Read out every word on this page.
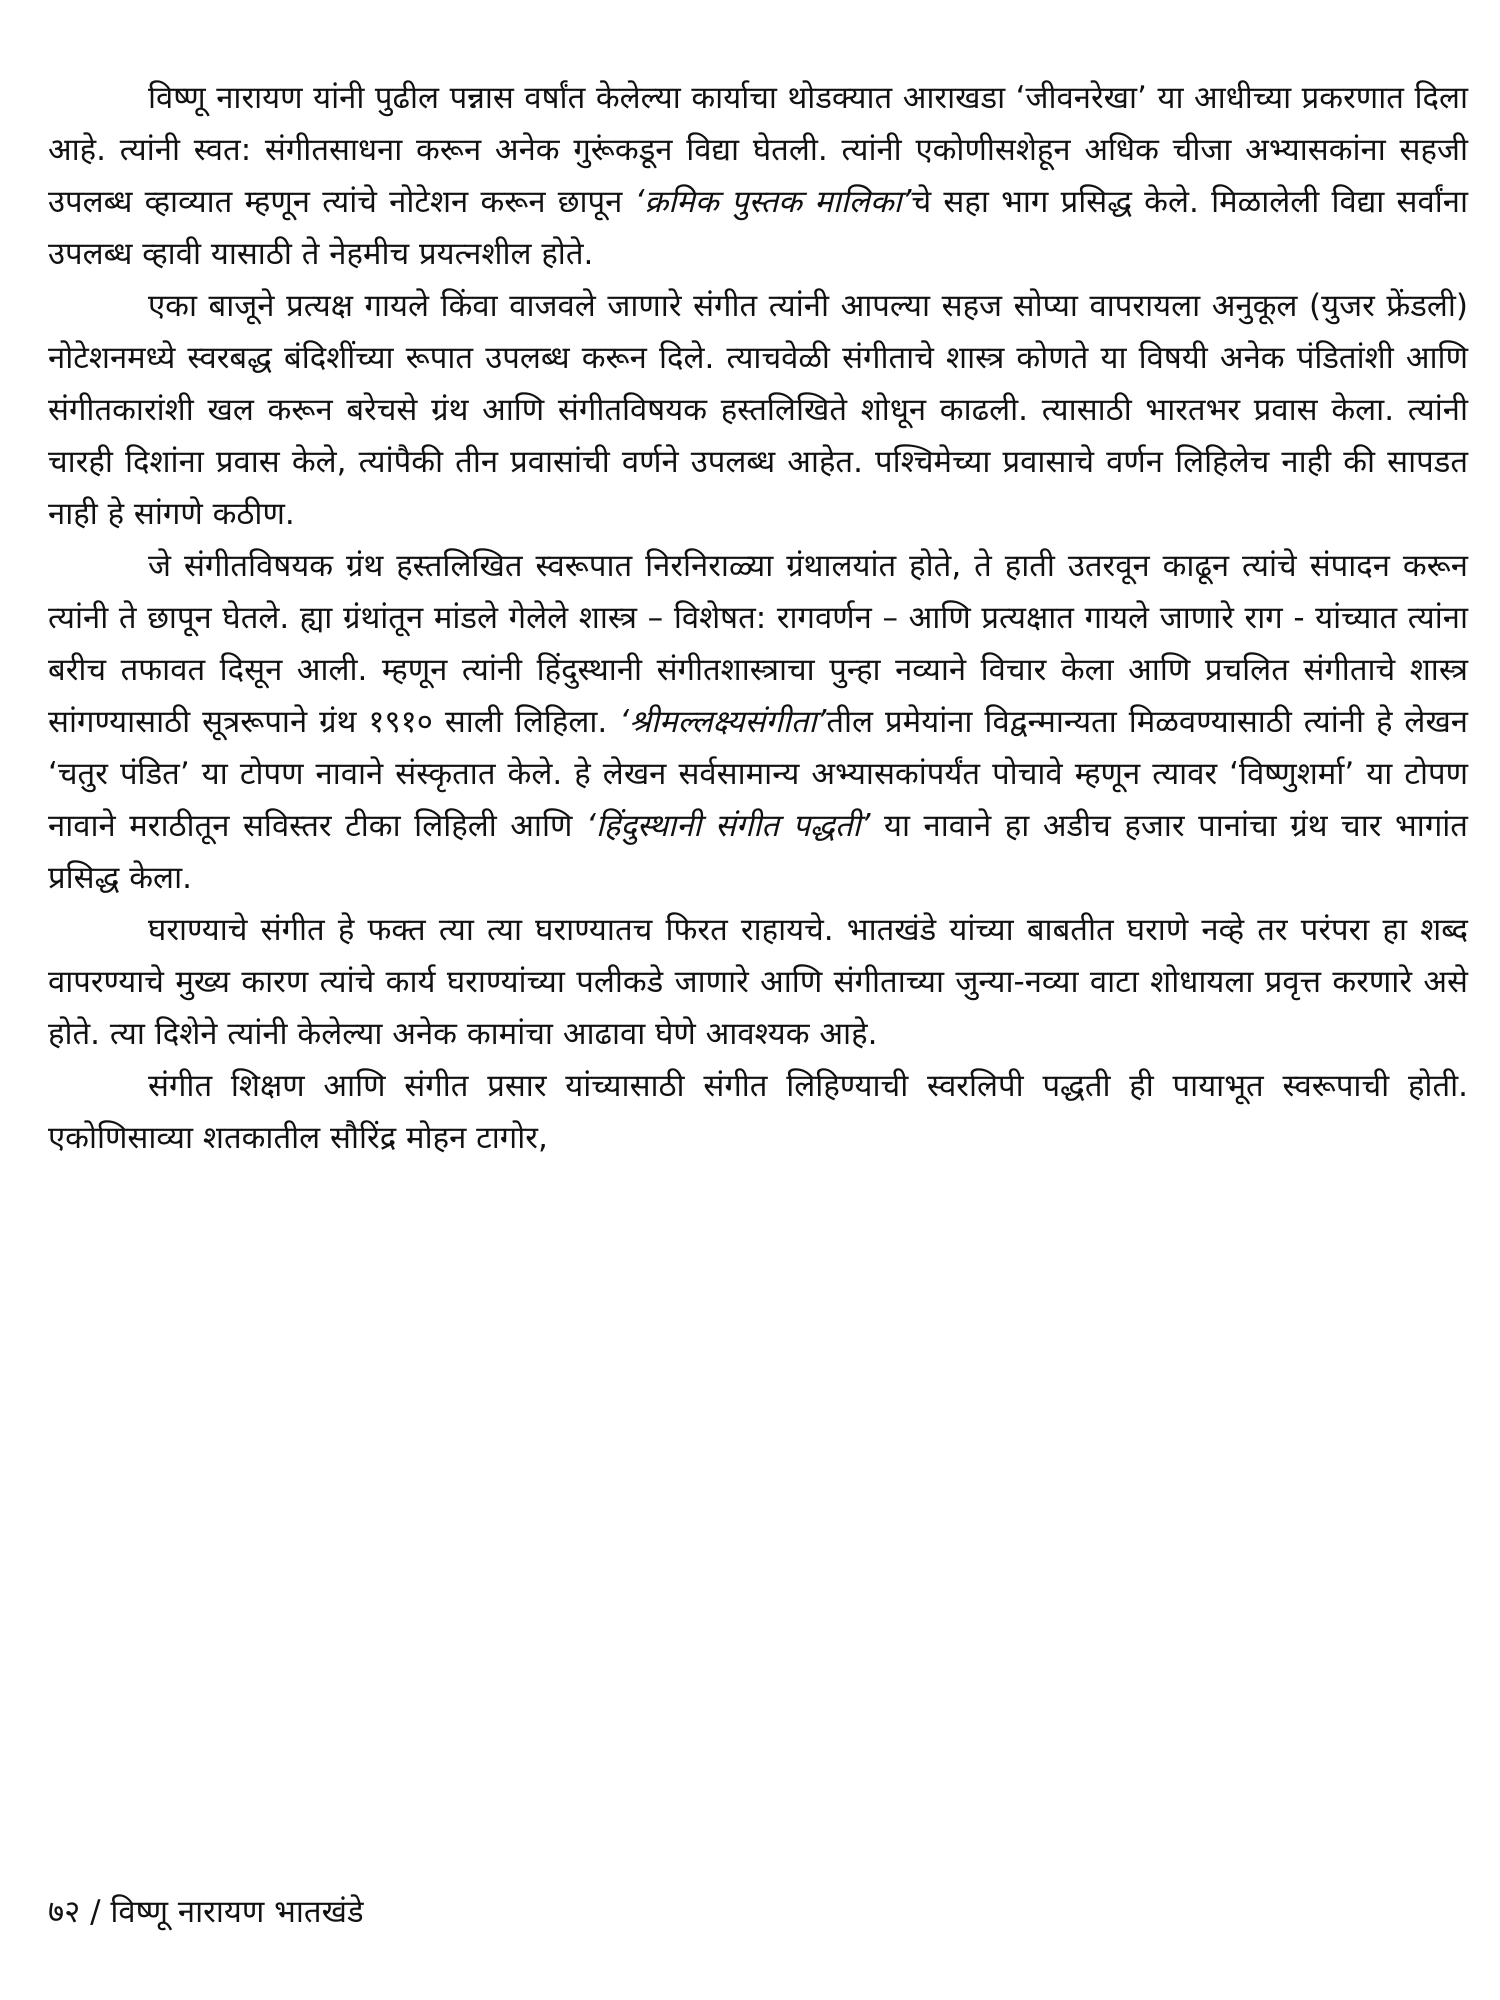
विष्णू नारायण यांनी पुढील पन्नास वर्षांत केलेल्या कार्याचा थोडक्यात आराखडा ‘जीवनरेखा’ या आधीच्या प्रकरणात दिला आहे. त्यांनी स्वत: संगीतसाधना करून अनेक गुरूंकडून विद्या घेतली. त्यांनी एकोणीसशेहून अधिक चीजा अभ्यासकांना सहजी उपलब्ध व्हाव्यात म्हणून त्यांचे नोटेशन करून छापून ‘क्रमिक पुस्तक मालिका’चे सहा भाग प्रसिद्ध केले. मिळालेली विद्या सर्वांना उपलब्ध व्हावी यासाठी ते नेहमीच प्रयत्नशील होते.

एका बाजूने प्रत्यक्ष गायले किंवा वाजवले जाणारे संगीत त्यांनी आपल्या सहज सोप्या वापरायला अनुकूल (युजर फ्रेंडली) नोटेशनमध्ये स्वरबद्ध बंदिशींच्या रूपात उपलब्ध करून दिले. त्याचवेळी संगीताचे शास्त्र कोणते या विषयी अनेक पंडितांशी आणि संगीतकारांशी खल करून बरेचसे ग्रंथ आणि संगीतविषयक हस्तलिखिते शोधून काढली. त्यासाठी भारतभर प्रवास केला. त्यांनी चारही दिशांना प्रवास केले, त्यांपैकी तीन प्रवासांची वर्णने उपलब्ध आहेत. पश्चिमेच्या प्रवासाचे वर्णन लिहिलेच नाही की सापडत नाही हे सांगणे कठीण.

जे संगीतविषयक ग्रंथ हस्तलिखित स्वरूपात निरनिराळ्या ग्रंथालयांत होते, ते हाती उतरवून काढून त्यांचे संपादन करून त्यांनी ते छापून घेतले. ह्या ग्रंथांतून मांडले गेलेले शास्त्र – विशेषत: रागवर्णन – आणि प्रत्यक्षात गायले जाणारे राग - यांच्यात त्यांना बरीच तफावत दिसून आली. म्हणून त्यांनी हिंदुस्थानी संगीतशास्त्राचा पुन्हा नव्याने विचार केला आणि प्रचलित संगीताचे शास्त्र सांगण्यासाठी सूत्ररूपाने ग्रंथ १९१० साली लिहिला. ‘श्रीमल्लक्ष्यसंगीता’तील प्रमेयांना विद्वन्मान्यता मिळवण्यासाठी त्यांनी हे लेखन ‘चतुर पंडित’ या टोपण नावाने संस्कृतात केले. हे लेखन सर्वसामान्य अभ्यासकांपर्यंत पोचावे म्हणून त्यावर ‘विष्णुशर्मा’ या टोपण नावाने मराठीतून सविस्तर टीका लिहिली आणि ‘हिंदुस्थानी संगीत पद्धती’ या नावाने हा अडीच हजार पानांचा ग्रंथ चार भागांत प्रसिद्ध केला.

घराण्याचे संगीत हे फक्त त्या त्या घराण्यातच फिरत राहायचे. भातखंडे यांच्या बाबतीत घराणे नव्हे तर परंपरा हा शब्द वापरण्याचे मुख्य कारण त्यांचे कार्य घराण्यांच्या पलीकडे जाणारे आणि संगीताच्या जुन्या-नव्या वाटा शोधायला प्रवृत्त करणारे असे होते. त्या दिशेने त्यांनी केलेल्या अनेक कामांचा आढावा घेणे आवश्यक आहे.

संगीत शिक्षण आणि संगीत प्रसार यांच्यासाठी संगीत लिहिण्याची स्वरलिपी पद्धती ही पायाभूत स्वरूपाची होती. एकोणिसाव्या शतकातील सौरिंद्र मोहन टागोर,

७२ / विष्णू नारायण भातखंडे
